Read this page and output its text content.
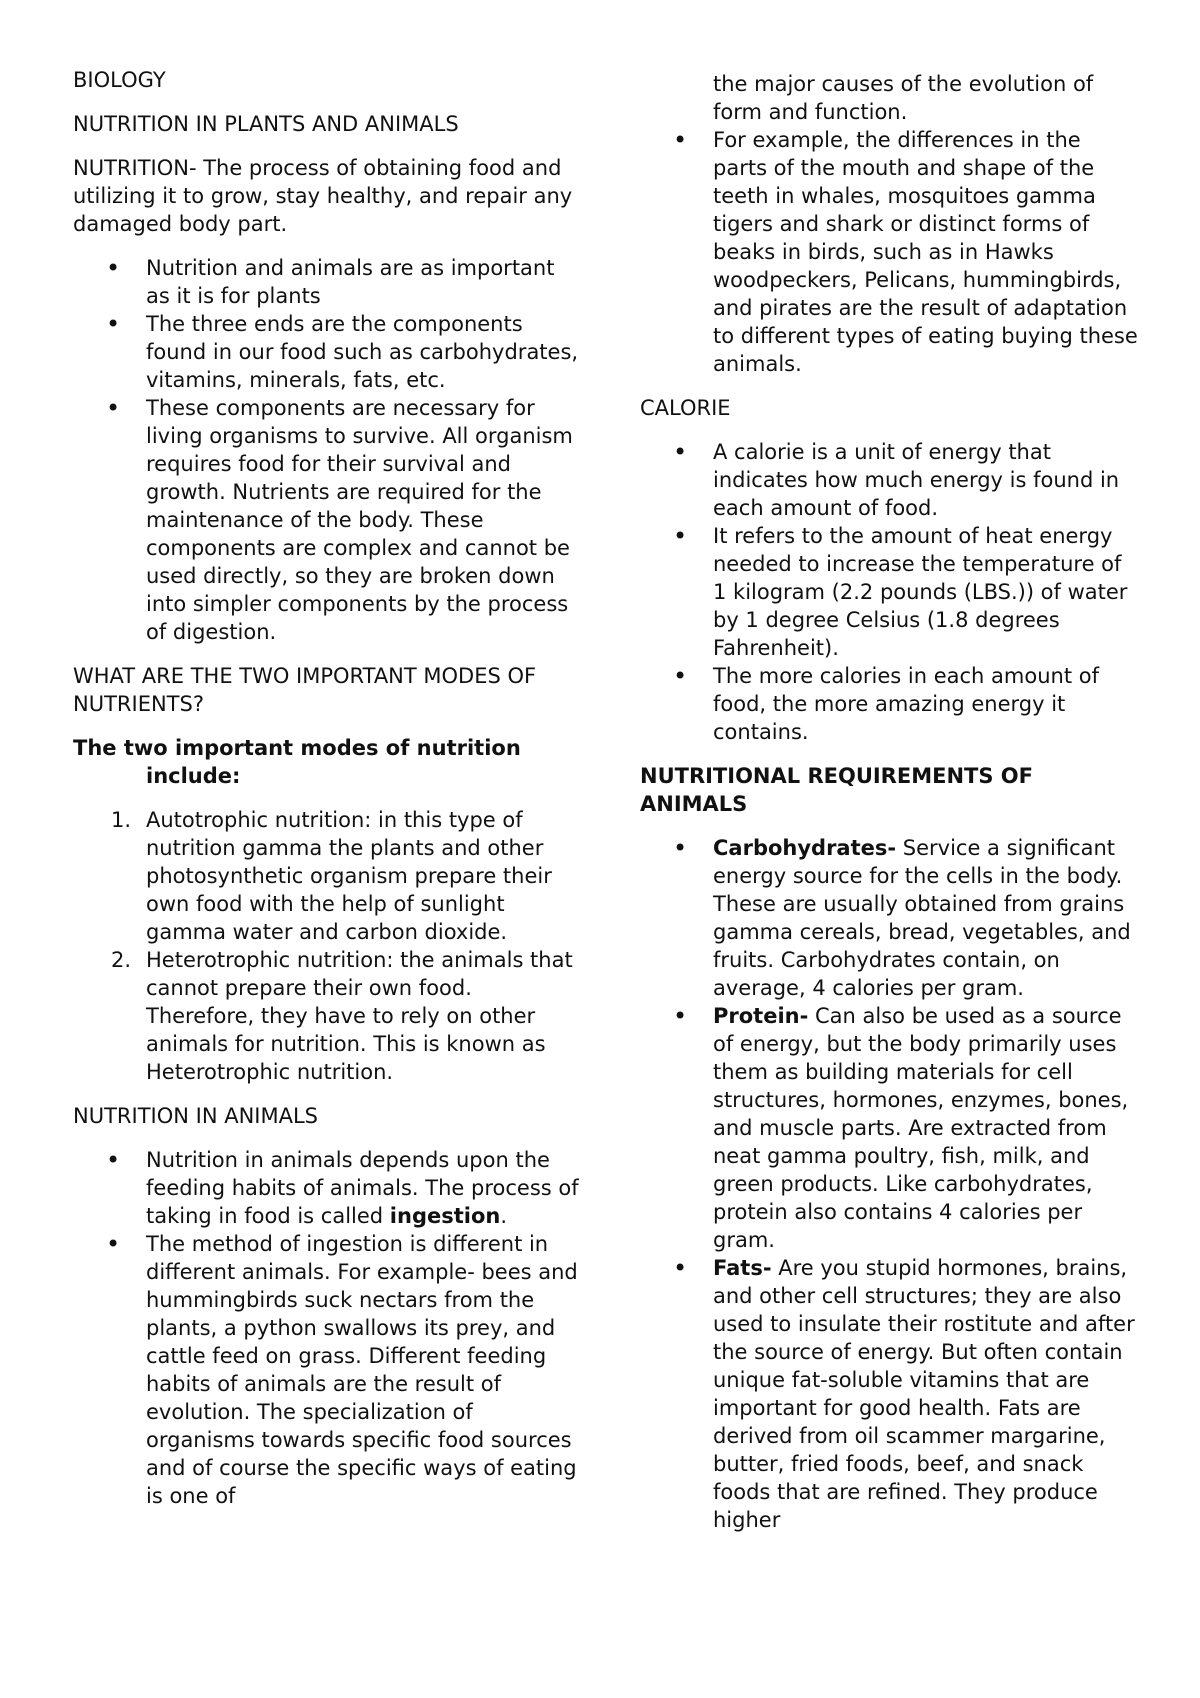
BIOLOGY
NUTRITION IN PLANTS AND ANIMALS

NUTRITION- The process of obtaining food and utilizing it to grow, stay healthy, and repair any damaged body part.

• Nutrition and animals are as important as it is for plants
• The three ends are the components found in our food such as carbohydrates, vitamins, minerals, fats, etc.
• These components are necessary for living organisms to survive. All organism requires food for their survival and growth. Nutrients are required for the maintenance of the body. These components are complex and cannot be used directly, so they are broken down into simpler components by the process of digestion.

WHAT ARE THE TWO IMPORTANT MODES OF NUTRIENTS?

The two important modes of nutrition include:

1. Autotrophic nutrition: in this type of nutrition gamma the plants and other photosynthetic organism prepare their own food with the help of sunlight gamma water and carbon dioxide.
2. Heterotrophic nutrition: the animals that cannot prepare their own food. Therefore, they have to rely on other animals for nutrition. This is known as Heterotrophic nutrition.
NUTRITION IN ANIMALS
• Nutrition in animals depends upon the feeding habits of animals. The process of taking in food is called ingestion.
• The method of ingestion is different in different animals. For example- bees and hummingbirds suck nectars from the plants, a python swallows its prey, and cattle feed on grass. Different feeding habits of animals are the result of evolution. The specialization of organisms towards specific food sources and of course the specific ways of eating is one of

the major causes of the evolution of form and function.

• For example, the differences in the parts of the mouth and shape of the teeth in whales, mosquitoes gamma tigers and shark or distinct forms of beaks in birds, such as in Hawks woodpeckers, Pelicans, hummingbirds, and pirates are the result of adaptation to different types of eating buying these animals.
CALORIE
• A calorie is a unit of energy that indicates how much energy is found in each amount of food.
• It refers to the amount of heat energy needed to increase the temperature of 1 kilogram (2.2 pounds (LBS.)) of water by 1 degree Celsius (1.8 degrees Fahrenheit).
• The more calories in each amount of food, the more amazing energy it contains.
NUTRITIONAL REQUIREMENTS OF ANIMALS
• Carbohydrates- Service a significant energy source for the cells in the body. These are usually obtained from grains gamma cereals, bread, vegetables, and fruits. Carbohydrates contain, on average, 4 calories per gram.
• Protein- Can also be used as a source of energy, but the body primarily uses them as building materials for cell structures, hormones, enzymes, bones, and muscle parts. Are extracted from neat gamma poultry, fish, milk, and green products. Like carbohydrates, protein also contains 4 calories per gram.
• Fats- Are you stupid hormones, brains, and other cell structures; they are also used to insulate their rostitute and after the source of energy. But often contain unique fat-soluble vitamins that are important for good health. Fats are derived from oil scammer margarine, butter, fried foods, beef, and snack foods that are refined. They produce higher
